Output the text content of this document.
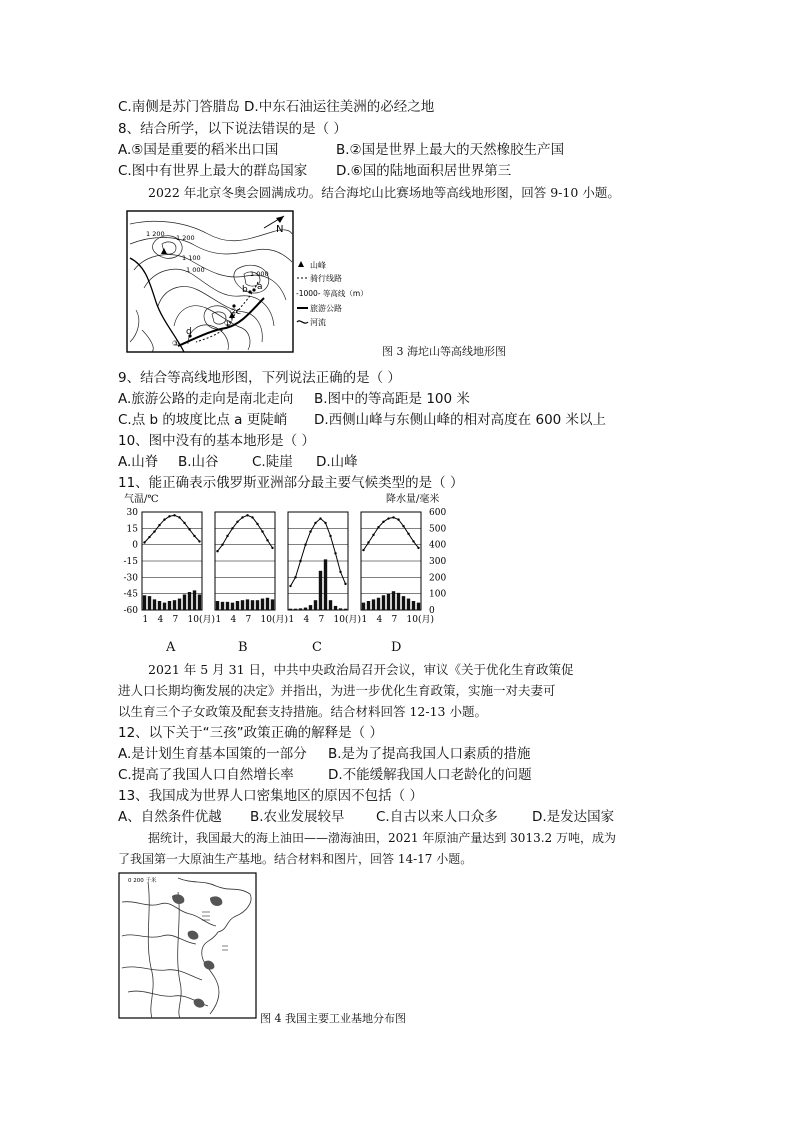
C.南侧是苏门答腊岛 D.中东石油运往美洲的必经之地
8、结合所学，以下说法错误的是（ ）
A.⑤国是重要的稻米出口国	B.②国是世界上最大的天然橡胶生产国
C.图中有世界上最大的群岛国家 D.⑥国的陆地面积居世界第三
2022 年北京冬奥会圆满成功。结合海坨山比赛场地等高线地形图，回答 9-10 小题。
N
1 200
1 100
1 000	1 000
1 200
a
b
c
d
①
②
③
山峰
骑行线路
-1000- 等高线（m）
旅游公路
河流
图 3 海坨山等高线地形图
9、结合等高线地形图，下列说法正确的是（ ）
A.旅游公路的走向是南北走向 B.图中的等高距是 100 米
C.点 b 的坡度比点 a 更陡峭 D.西侧山峰与东侧山峰的相对高度在 600 米以上
10、图中没有的基本地形是（ ）
A.山脊 B.山谷 C.陡崖 D.山峰
11、能正确表示俄罗斯亚洲部分最主要气候类型的是（ ）
气温/℃	降水量/毫米
30
15
0
-15
-30
-45
-60
600
500
400
300
200
100
0
1 4 7 10(月) 1 4 7 10(月) 1 4 7 10(月) 1 4 7 10(月)
A	B	C	D
2021 年 5 月 31 日，中共中央政治局召开会议，审议《关于优化生育政策促
进人口长期均衡发展的决定》并指出，为进一步优化生育政策，实施一对夫妻可
以生育三个子女政策及配套支持措施。结合材料回答 12-13 小题。
12、以下关于“三孩”政策正确的解释是（ ）
A.是计划生育基本国策的一部分 B.是为了提高我国人口素质的措施
C.提高了我国人口自然增长率	D.不能缓解我国人口老龄化的问题
13、我国成为世界人口密集地区的原因不包括（ ）
A、自然条件优越 B.农业发展较早 C.自古以来人口众多	D.是发达国家
据统计，我国最大的海上油田——渤海油田，2021 年原油产量达到 3013.2 万吨，成为
了我国第一大原油生产基地。结合材料和图片，回答 14-17 小题。
0 200 千米
图 4 我国主要工业基地分布图
